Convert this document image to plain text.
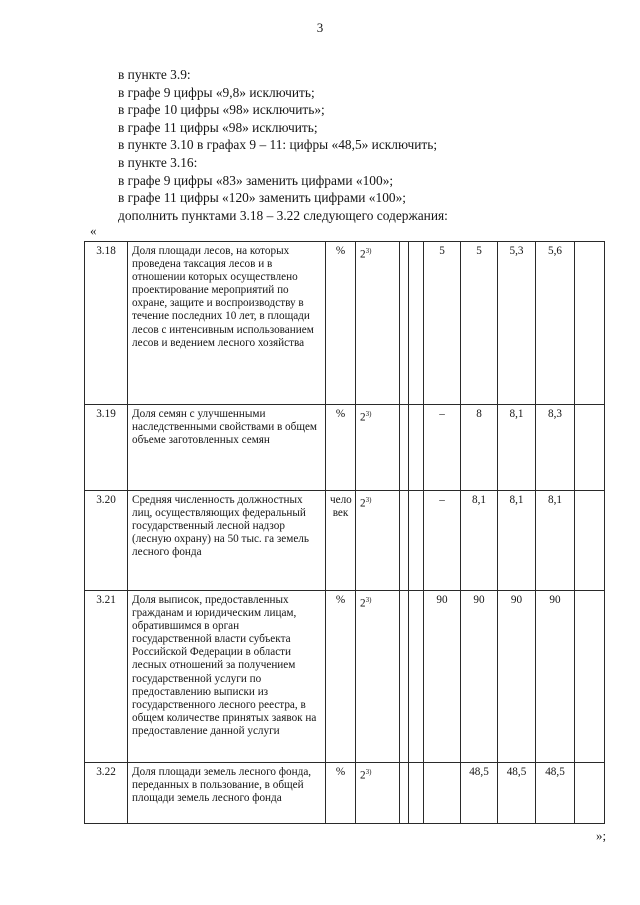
3
в пункте 3.9:
в графе 9 цифры «9,8» исключить;
в графе 10 цифры «98» исключить»;
в графе 11 цифры «98» исключить;
в пункте 3.10 в графах 9 – 11: цифры «48,5» исключить;
в пункте 3.16:
в графе 9 цифры «83» заменить цифрами «100»;
в графе 11 цифры «120» заменить цифрами «100»;
дополнить пунктами 3.18 – 3.22 следующего содержания:
«
3.18	Доля площади лесов, на которых проведена таксация лесов и в отношении которых осуществлено проектирование мероприятий по охране, защите и воспроизводству в течение последних 10 лет, в площади лесов с интенсивным использованием лесов и ведением лесного хозяйства	%	2$^{3)}$			5	5	5,3	5,6	
3.19	Доля семян с улучшенными наследственными свойствами в общем объеме заготовленных семян	%	2$^{3)}$			–	8	8,1	8,3	
3.20	Средняя численность должностных лиц, осуществляющих федеральный государственный лесной надзор (лесную охрану) на 50 тыс. га земель лесного фонда	чело век	2$^{3)}$			–	8,1	8,1	8,1	
3.21	Доля выписок, предоставленных гражданам и юридическим лицам, обратившимся в орган государственной власти субъекта Российской Федерации в области лесных отношений за получением государственной услуги по предоставлению выписки из государственного лесного реестра, в общем количестве принятых заявок на предоставление данной услуги	%	2$^{3)}$			90	90	90	90	
3.22	Доля площади земель лесного фонда, переданных в пользование, в общей площади земель лесного фонда	%	2$^{3)}$				48,5	48,5	48,5	
»;
